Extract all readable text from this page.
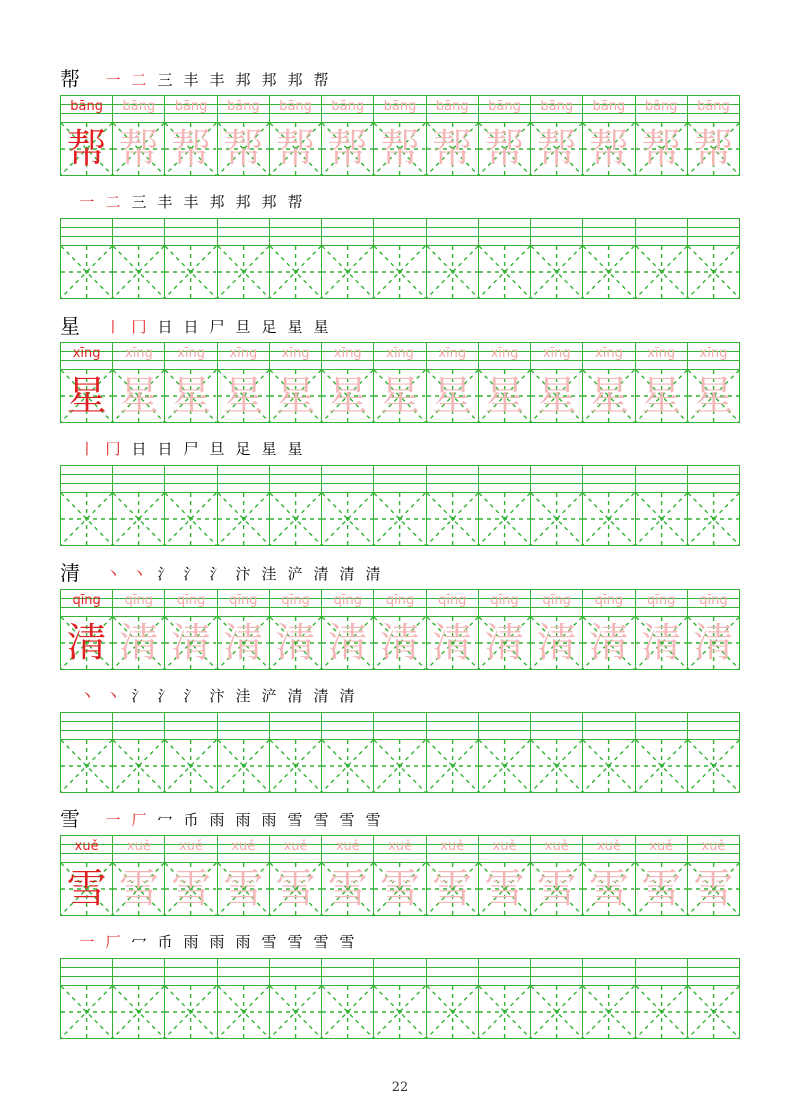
帮	一 二 三 丰 丰 邦 邦 邦 帮
bāng	bāng	bāng	bāng	bāng	bāng	bāng	bāng	bāng	bāng	bāng	bāng	bāng
帮 帮 帮 帮 帮 帮 帮 帮 帮 帮 帮 帮 帮
一 二 三 丰 丰 邦 邦 邦 帮
星	丨 冂 日 日 尸 旦 足 星 星
xīng	xīng	xīng	xīng	xīng	xīng	xīng	xīng	xīng	xīng	xīng	xīng	xīng
星 星 星 星 星 星 星 星 星 星 星 星 星
丨 冂 日 日 尸 旦 足 星 星
清	丶 丶 氵 氵 氵 汴 洼 浐 清 清 清
qīng	qīng	qīng	qīng	qīng	qīng	qīng	qīng	qīng	qīng	qīng	qīng	qīng
清 清 清 清 清 清 清 清 清 清 清 清 清
丶 丶 氵 氵 氵 汴 洼 浐 清 清 清
雪	一 厂 冖 币 雨 雨 雨 雪 雪 雪 雪
xuě	xuě	xuě	xuě	xuě	xuě	xuě	xuě	xuě	xuě	xuě	xuě	xuě
雪 雪 雪 雪 雪 雪 雪 雪 雪 雪 雪 雪 雪
一 厂 冖 币 雨 雨 雨 雪 雪 雪 雪
22
